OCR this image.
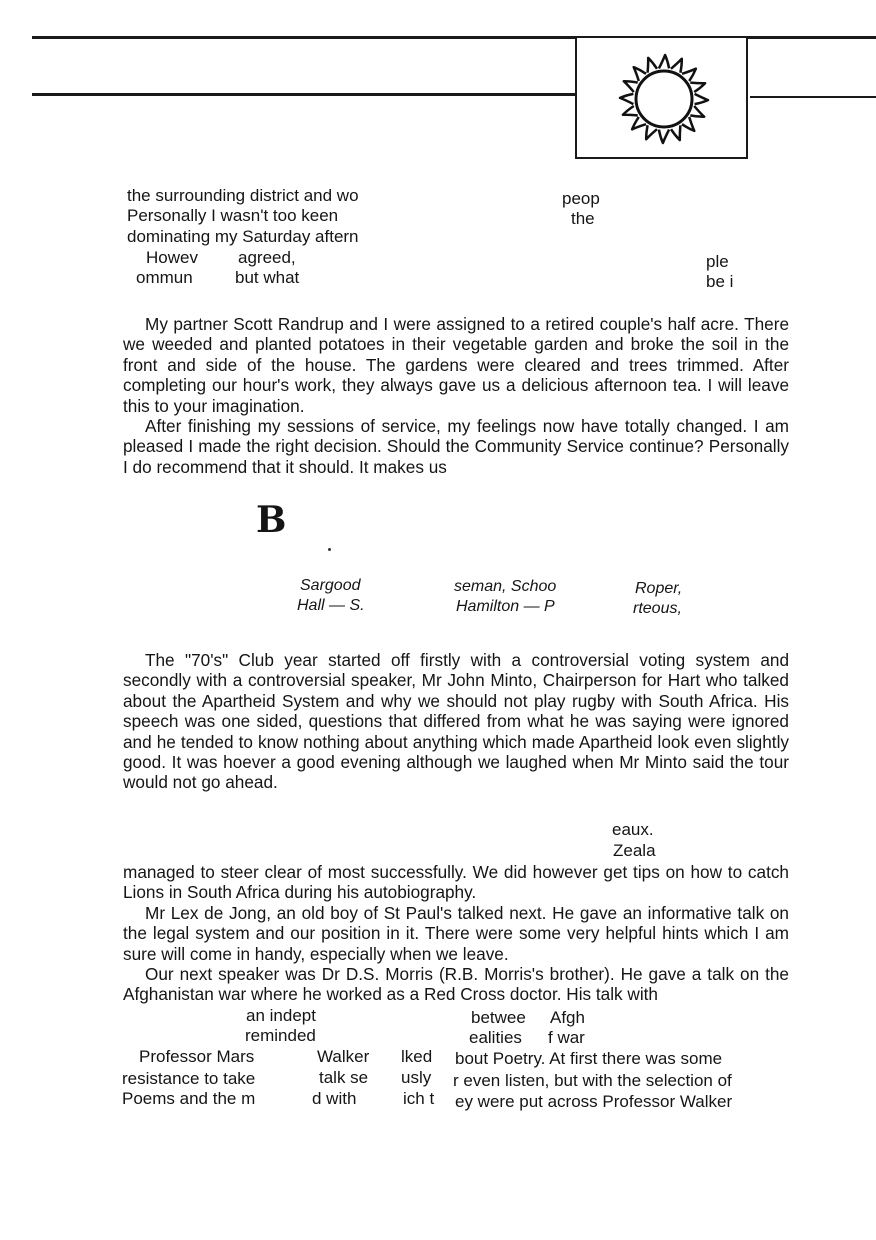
the surrounding district and wo
Personally I wasn't too keen
dominating my Saturday aftern
Howev agreed,
ommun but what
peop
the
ple
be i

My partner Scott Randrup and I were assigned to a retired couple's half acre. There we weeded and planted potatoes in their vegetable garden and broke the soil in the front and side of the house. The gardens were cleared and trees trimmed. After completing our hour's work, they always gave us a delicious afternoon tea. I will leave this to your imagination.

After finishing my sessions of service, my feelings now have totally changed. I am pleased I made the right decision. Should the Community Service continue? Personally I do recommend that it should. It makes us

B
Sargood
Hall — S.
seman, Schoo
Hamilton — P
Roper,
rteous,

The "70's" Club year started off firstly with a controversial voting system and secondly with a controversial speaker, Mr John Minto, Chairperson for Hart who talked about the Apartheid System and why we should not play rugby with South Africa. His speech was one sided, questions that differed from what he was saying were ignored and he tended to know nothing about anything which made Apartheid look even slightly good. It was hoever a good evening although we laughed when Mr Minto said the tour would not go ahead.

eaux.
Zeala

managed to steer clear of most successfully. We did however get tips on how to catch Lions in South Africa during his autobiography.

Mr Lex de Jong, an old boy of St Paul's talked next. He gave an informative talk on the legal system and our position in it. There were some very helpful hints which I am sure will come in handy, especially when we leave.

Our next speaker was Dr D.S. Morris (R.B. Morris's brother). He gave a talk on the Afghanistan war where he worked as a Red Cross doctor. His talk with

an indept	betwee Afgh
reminded	ealities f war
Professor Mars	Walker lked bout Poetry. At first there was some
resistance to take	talk se usly r even listen, but with the selection of
Poems and the m	d with	ich t ey were put across Professor Walker
